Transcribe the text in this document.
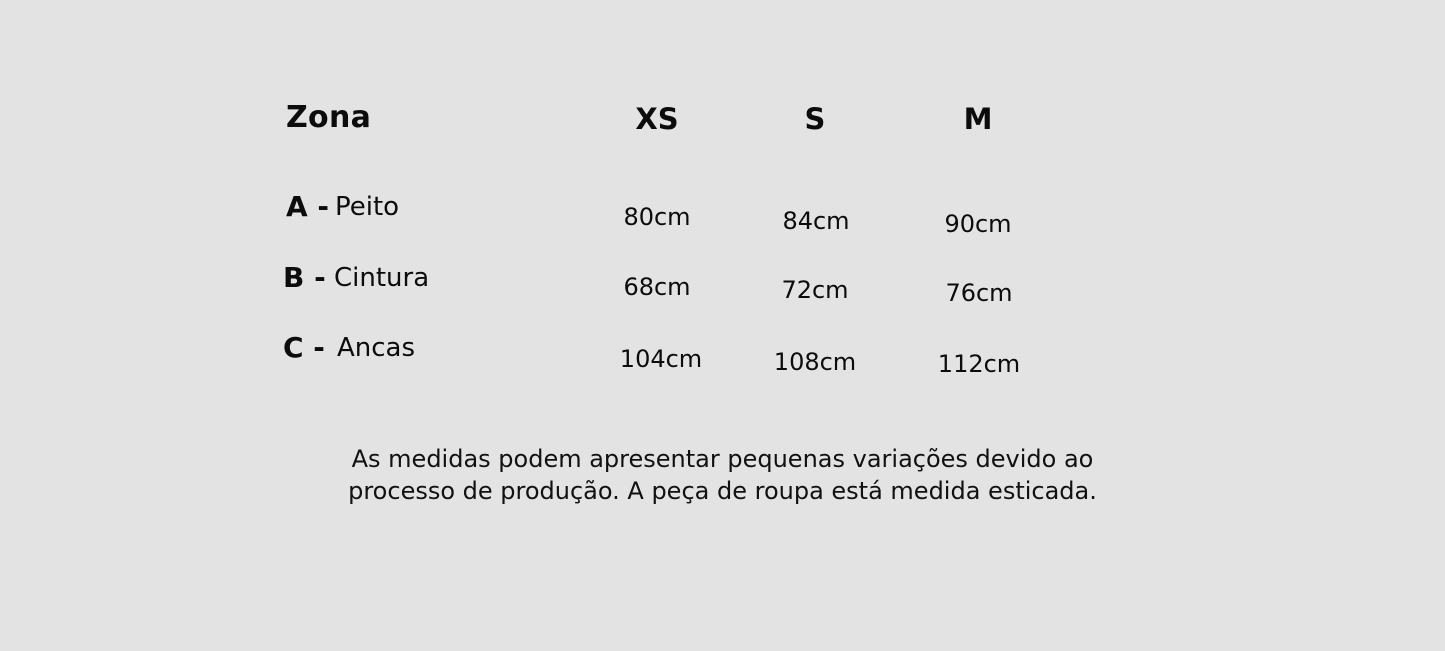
Zona	XS	S	M
A - Peito	80cm	84cm	90cm
B - Cintura	68cm	72cm	76cm
C - Ancas	104cm	108cm	112cm
As medidas podem apresentar pequenas variações devido ao processo de produção. A peça de roupa está medida esticada.
